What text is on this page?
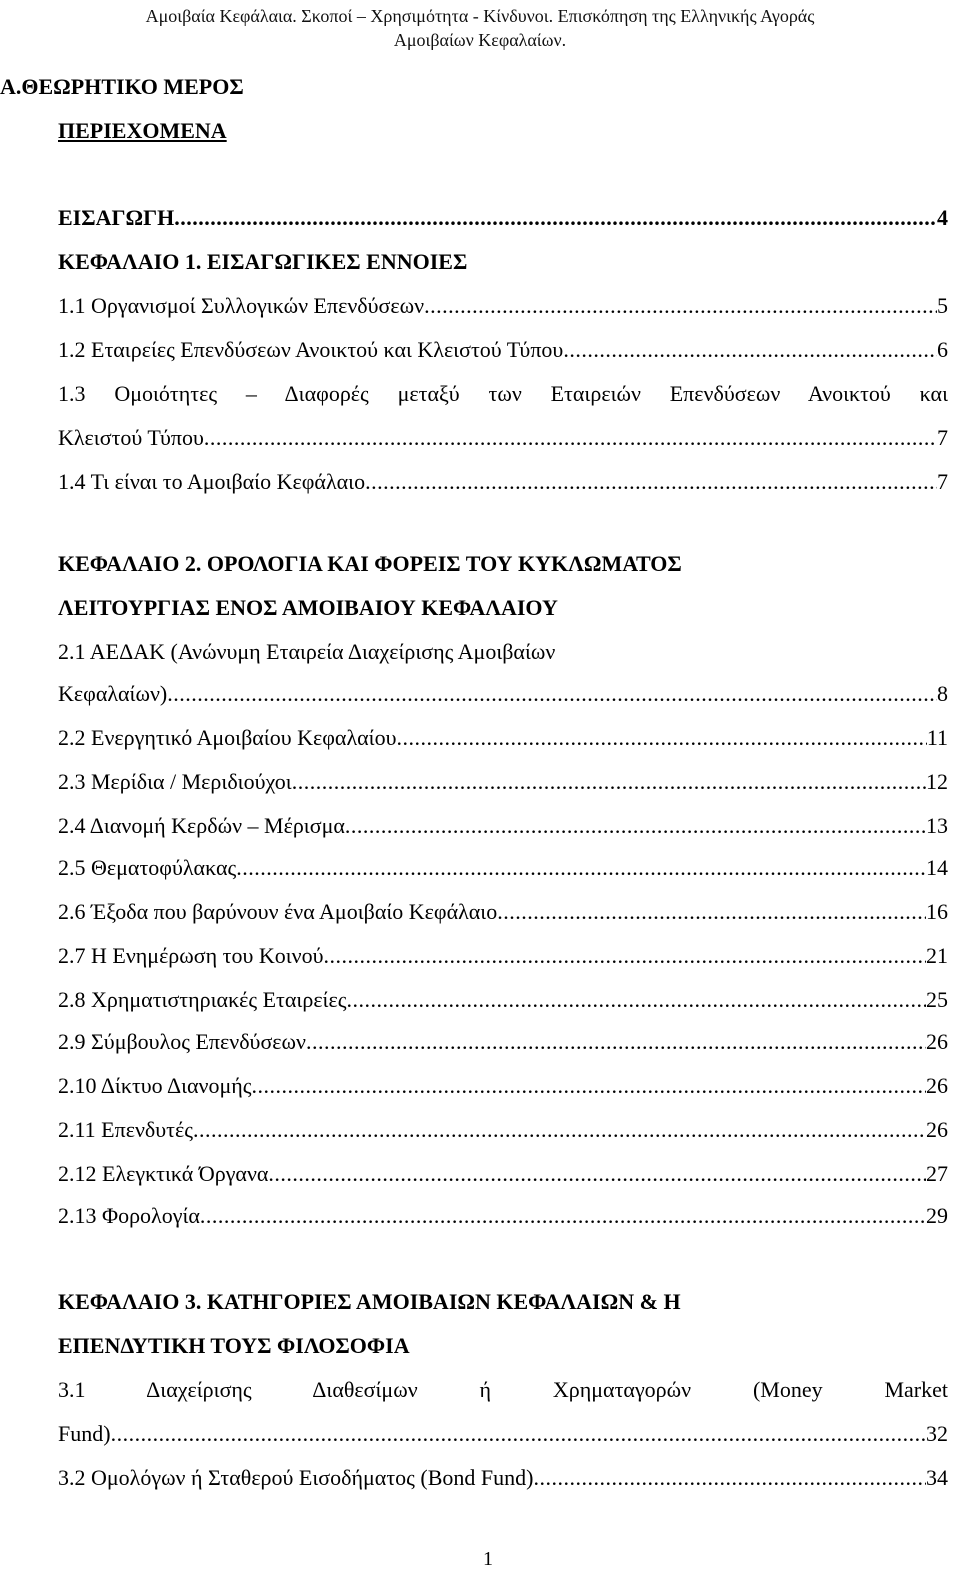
Αμοιβαία Κεφάλαια. Σκοποί – Χρησιμότητα - Κίνδυνοι. Επισκόπηση της Ελληνικής Αγοράς
Αμοιβαίων Κεφαλαίων.
Α.ΘΕΩΡΗΤΙΚΟ ΜΕΡΟΣ
ΠΕΡΙΕΧΟΜΕΝΑ
ΕΙΣΑΓΩΓΗ .....	4
ΚΕΦΑΛΑΙΟ 1. ΕΙΣΑΓΩΓΙΚΕΣ ΕΝΝΟΙΕΣ
1.1 Οργανισμοί Συλλογικών Επενδύσεων .....	5
1.2 Εταιρείες Επενδύσεων Ανοικτού και Κλειστού Τύπου .....	6
1.3 Ομοιότητες – Διαφορές μεταξύ των Εταιρειών Επενδύσεων Ανοικτού και
Κλειστού Τύπου .....	7
1.4 Τι είναι το Αμοιβαίο Κεφάλαιο .....	7
ΚΕΦΑΛΑΙΟ 2. ΟΡΟΛΟΓΙΑ ΚΑΙ ΦΟΡΕΙΣ ΤΟΥ ΚΥΚΛΩΜΑΤΟΣ
ΛΕΙΤΟΥΡΓΙΑΣ ΕΝΟΣ ΑΜΟΙΒΑΙΟΥ ΚΕΦΑΛΑΙΟΥ
2.1 ΑΕΔΑΚ (Ανώνυμη Εταιρεία Διαχείρισης Αμοιβαίων
Κεφαλαίων) .....	8
2.2 Ενεργητικό Αμοιβαίου Κεφαλαίου .....	11
2.3 Μερίδια / Μεριδιούχοι .....	12
2.4 Διανομή Κερδών – Μέρισμα .....	13
2.5 Θεματοφύλακας .....	14
2.6 Έξοδα που βαρύνουν ένα Αμοιβαίο Κεφάλαιο .....	16
2.7 Η Ενημέρωση του Κοινού .....	21
2.8 Χρηματιστηριακές Εταιρείες .....	25
2.9 Σύμβουλος Επενδύσεων .....	26
2.10 Δίκτυο Διανομής .....	26
2.11 Επενδυτές .....	26
2.12 Ελεγκτικά Όργανα .....	27
2.13 Φορολογία .....	29
ΚΕΦΑΛΑΙΟ 3. ΚΑΤΗΓΟΡΙΕΣ ΑΜΟΙΒΑΙΩΝ ΚΕΦΑΛΑΙΩΝ & Η
ΕΠΕΝΔΥΤΙΚΗ ΤΟΥΣ ΦΙΛΟΣΟΦΙΑ
3.1 Διαχείρισης Διαθεσίμων ή Χρηματαγορών (Money Market
Fund) .....	32
3.2 Ομολόγων ή Σταθερού Εισοδήματος (Bond Fund) .....	34
1
